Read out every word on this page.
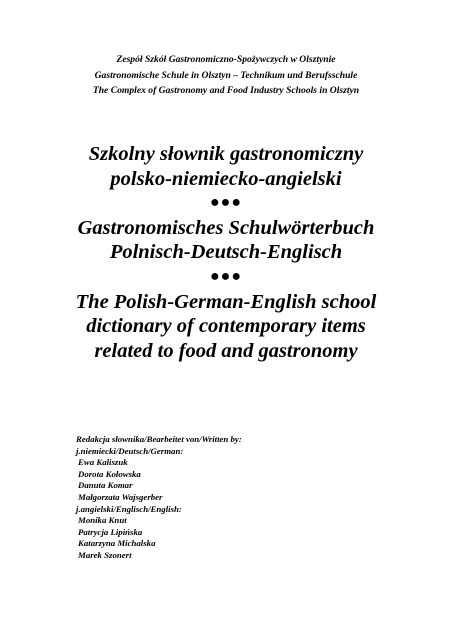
Zespół Szkół Gastronomiczno-Spożywczych w Olsztynie
Gastronomische Schule in Olsztyn – Technikum und Berufsschule
The Complex of Gastronomy and Food Industry Schools in Olsztyn
Szkolny słownik gastronomiczny
polsko-niemiecko-angielski
●●●
Gastronomisches Schulwörterbuch
Polnisch-Deutsch-Englisch
●●●
The Polish-German-English school
dictionary of contemporary items
related to food and gastronomy
Redakcja słownika/Bearbeitet von/Written by:
j.niemiecki/Deutsch/German:
Ewa Kaliszuk
Dorota Kołowska
Danuta Komar
Małgorzata Wajsgerber
j.angielski/Englisch/English:
Monika Knut
Patrycja Lipińska
Katarzyna Michalska
Marek Szonert
